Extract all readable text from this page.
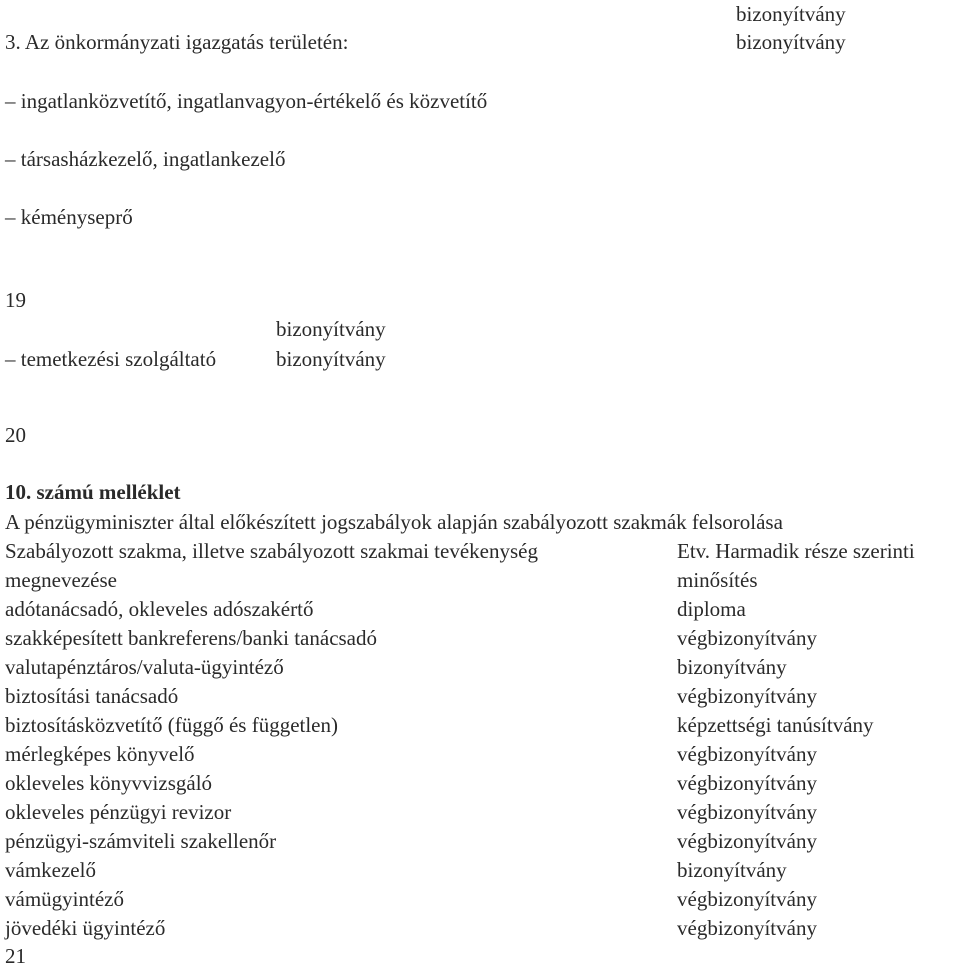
bizonyítvány
3. Az önkormányzati igazgatás területén:	bizonyítvány
– ingatlanközvetítő, ingatlanvagyon-értékelő és közvetítő
– társasházkezelő, ingatlankezelő
– kéményseprő
19
bizonyítvány
– temetkezési szolgáltató	bizonyítvány
20
10. számú melléklet
A pénzügyminiszter által előkészített jogszabályok alapján szabályozott szakmák felsorolása
Szabályozott szakma, illetve szabályozott szakmai tevékenység	Etv. Harmadik része szerinti
megnevezése	minősítés
adótanácsadó, okleveles adószakértő	diploma
szakképesített bankreferens/banki tanácsadó	végbizonyítvány
valutapénztáros/valuta-ügyintéző	bizonyítvány
biztosítási tanácsadó	végbizonyítvány
biztosításközvetítő (függő és független)	képzettségi tanúsítvány
mérlegképes könyvelő	végbizonyítvány
okleveles könyvvizsgáló	végbizonyítvány
okleveles pénzügyi revizor	végbizonyítvány
pénzügyi-számviteli szakellenőr	végbizonyítvány
vámkezelő	bizonyítvány
vámügyintéző	végbizonyítvány
jövedéki ügyintéző	végbizonyítvány
21
